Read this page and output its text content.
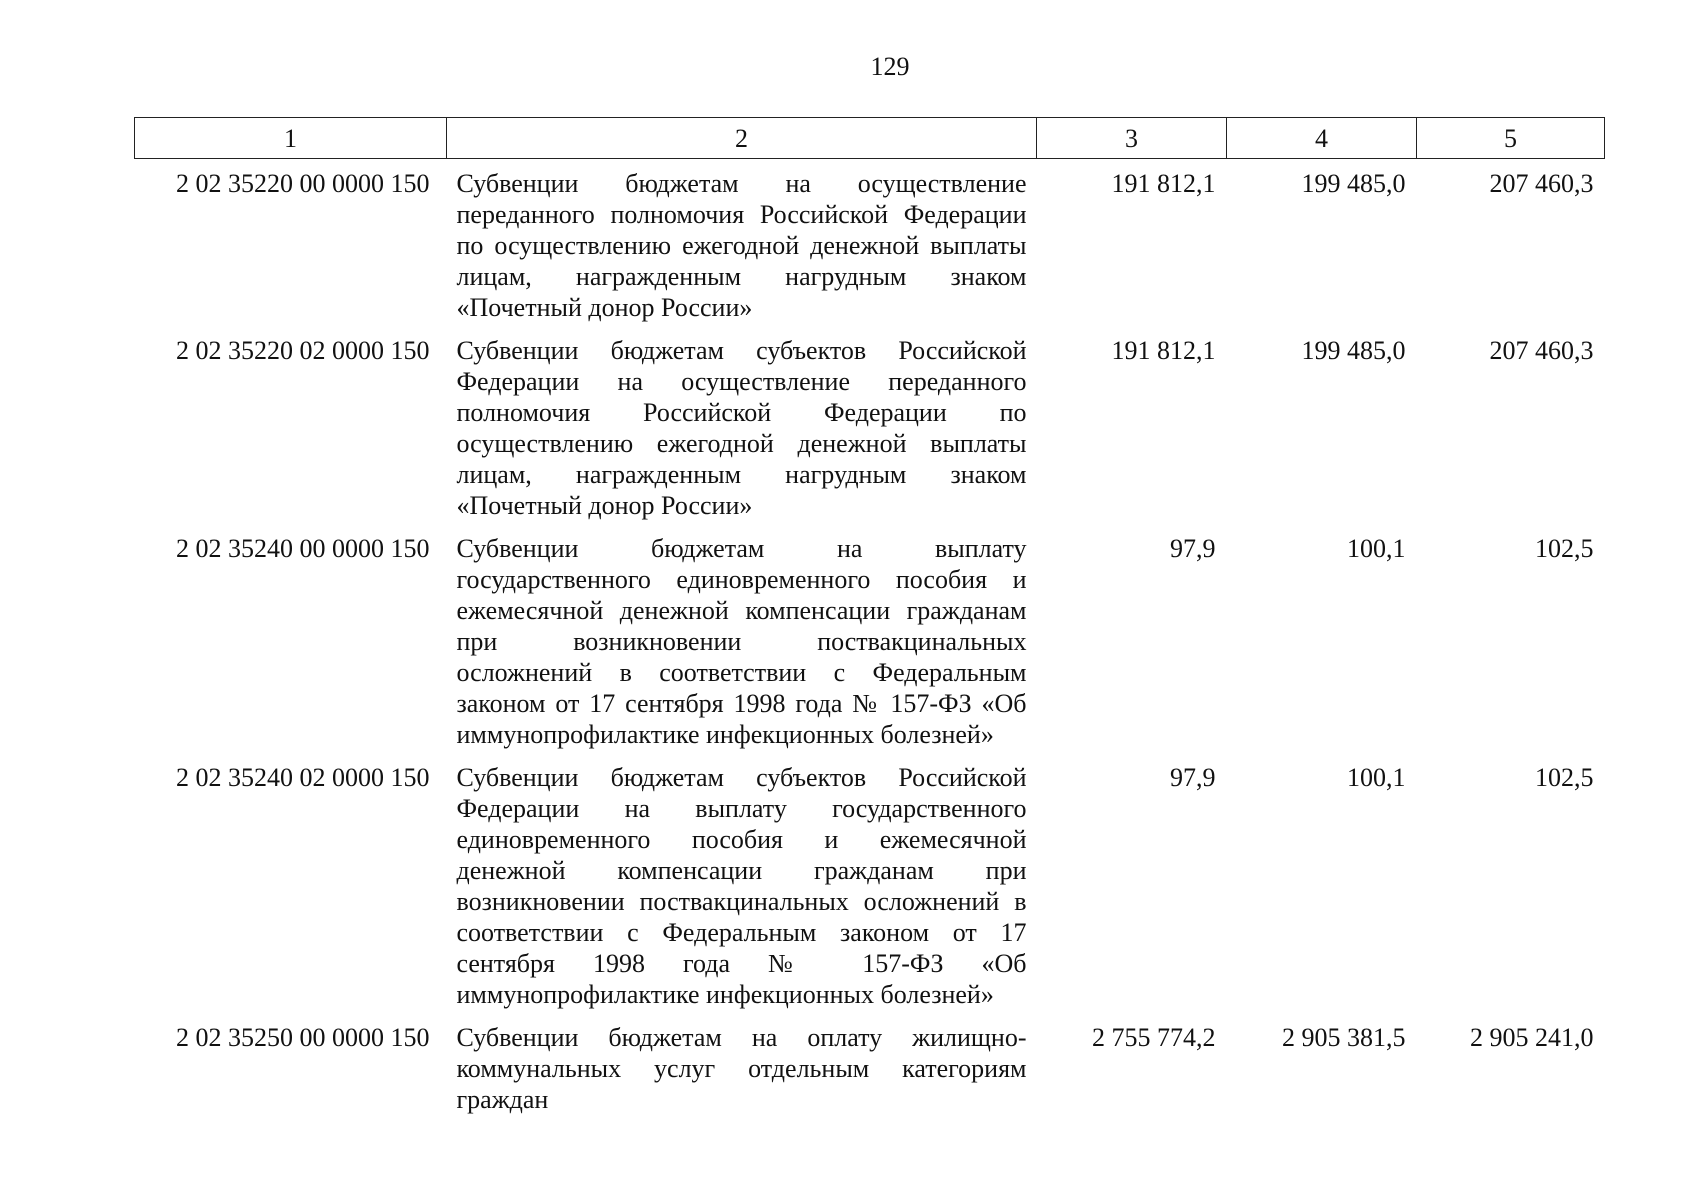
129
1	2	3	4	5
2 02 35220 00 0000 150	Субвенции бюджетам на осуществление переданного полномочия Российской Федерации по осуществлению ежегодной денежной выплаты лицам, награжденным нагрудным знаком «Почетный донор России»	191 812,1	199 485,0	207 460,3
2 02 35220 02 0000 150	Субвенции бюджетам субъектов Российской Федерации на осуществление переданного полномочия Российской Федерации по осуществлению ежегодной денежной выплаты лицам, награжденным нагрудным знаком «Почетный донор России»	191 812,1	199 485,0	207 460,3
2 02 35240 00 0000 150	Субвенции бюджетам на выплату государственного единовременного пособия и ежемесячной денежной компенсации гражданам при возникновении поствакцинальных осложнений в соответствии с Федеральным законом от 17 сентября 1998 года № 157-ФЗ «Об иммунопрофилактике инфекционных болезней»	97,9	100,1	102,5
2 02 35240 02 0000 150	Субвенции бюджетам субъектов Российской Федерации на выплату государственного единовременного пособия и ежемесячной денежной компенсации гражданам при возникновении поствакцинальных осложнений в соответствии с Федеральным законом от 17 сентября 1998 года № 157-ФЗ «Об иммунопрофилактике инфекционных болезней»	97,9	100,1	102,5
2 02 35250 00 0000 150	Субвенции бюджетам на оплату жилищно-коммунальных услуг отдельным категориям граждан	2 755 774,2	2 905 381,5	2 905 241,0
